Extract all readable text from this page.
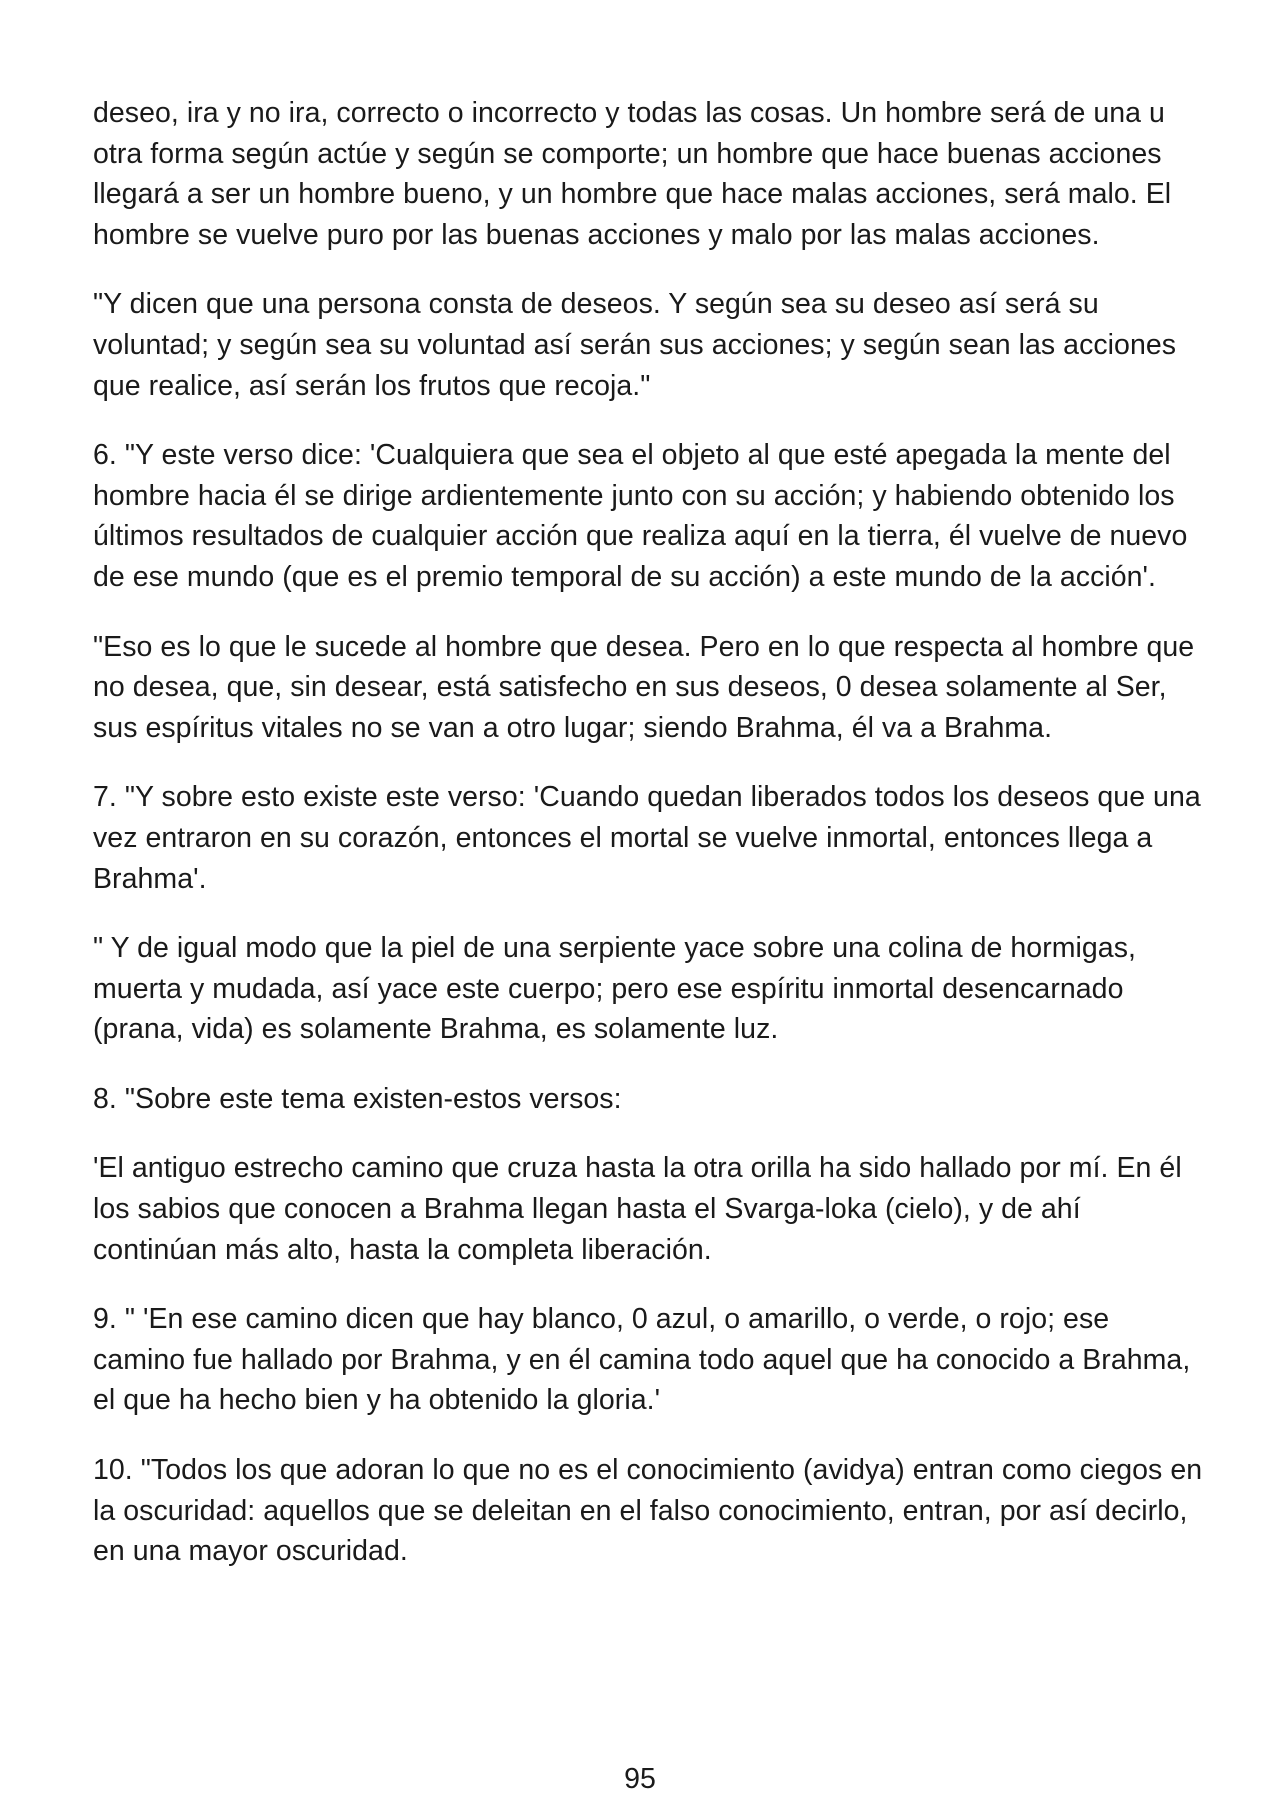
deseo, ira y no ira, correcto o incorrecto y todas las cosas. Un hombre será de una u otra forma según actúe y según se comporte; un hombre que hace buenas acciones llegará a ser un hombre bueno, y un hombre que hace malas acciones, será malo. El hombre se vuelve puro por las buenas acciones y malo por las malas acciones.

"Y dicen que una persona consta de deseos. Y según sea su deseo así será su voluntad; y según sea su voluntad así serán sus acciones; y según sean las acciones que realice, así serán los frutos que recoja."

6. "Y este verso dice: 'Cualquiera que sea el objeto al que esté apegada la mente del hombre hacia él se dirige ardientemente junto con su acción; y habiendo obtenido los últimos resultados de cualquier acción que realiza aquí en la tierra, él vuelve de nuevo de ese mundo (que es el premio temporal de su acción) a este mundo de la acción'.

"Eso es lo que le sucede al hombre que desea. Pero en lo que respecta al hombre que no desea, que, sin desear, está satisfecho en sus deseos, 0 desea solamente al Ser, sus espíritus vitales no se van a otro lugar; siendo Brahma, él va a Brahma.

7. "Y sobre esto existe este verso: 'Cuando quedan liberados todos los deseos que una vez entraron en su corazón, entonces el mortal se vuelve inmortal, entonces llega a Brahma'.

" Y de igual modo que la piel de una serpiente yace sobre una colina de hormigas, muerta y mudada, así yace este cuerpo; pero ese espíritu inmortal desencarnado (prana, vida) es solamente Brahma, es solamente luz.

8. "Sobre este tema existen-estos versos:

'El antiguo estrecho camino que cruza hasta la otra orilla ha sido hallado por mí. En él los sabios que conocen a Brahma llegan hasta el Svarga-loka (cielo), y de ahí continúan más alto, hasta la completa liberación.

9. " 'En ese camino dicen que hay blanco, 0 azul, o amarillo, o verde, o rojo; ese camino fue hallado por Brahma, y en él camina todo aquel que ha conocido a Brahma, el que ha hecho bien y ha obtenido la gloria.'

10. "Todos los que adoran lo que no es el conocimiento (avidya) entran como ciegos en la oscuridad: aquellos que se deleitan en el falso conocimiento, entran, por así decirlo, en una mayor oscuridad.

95
